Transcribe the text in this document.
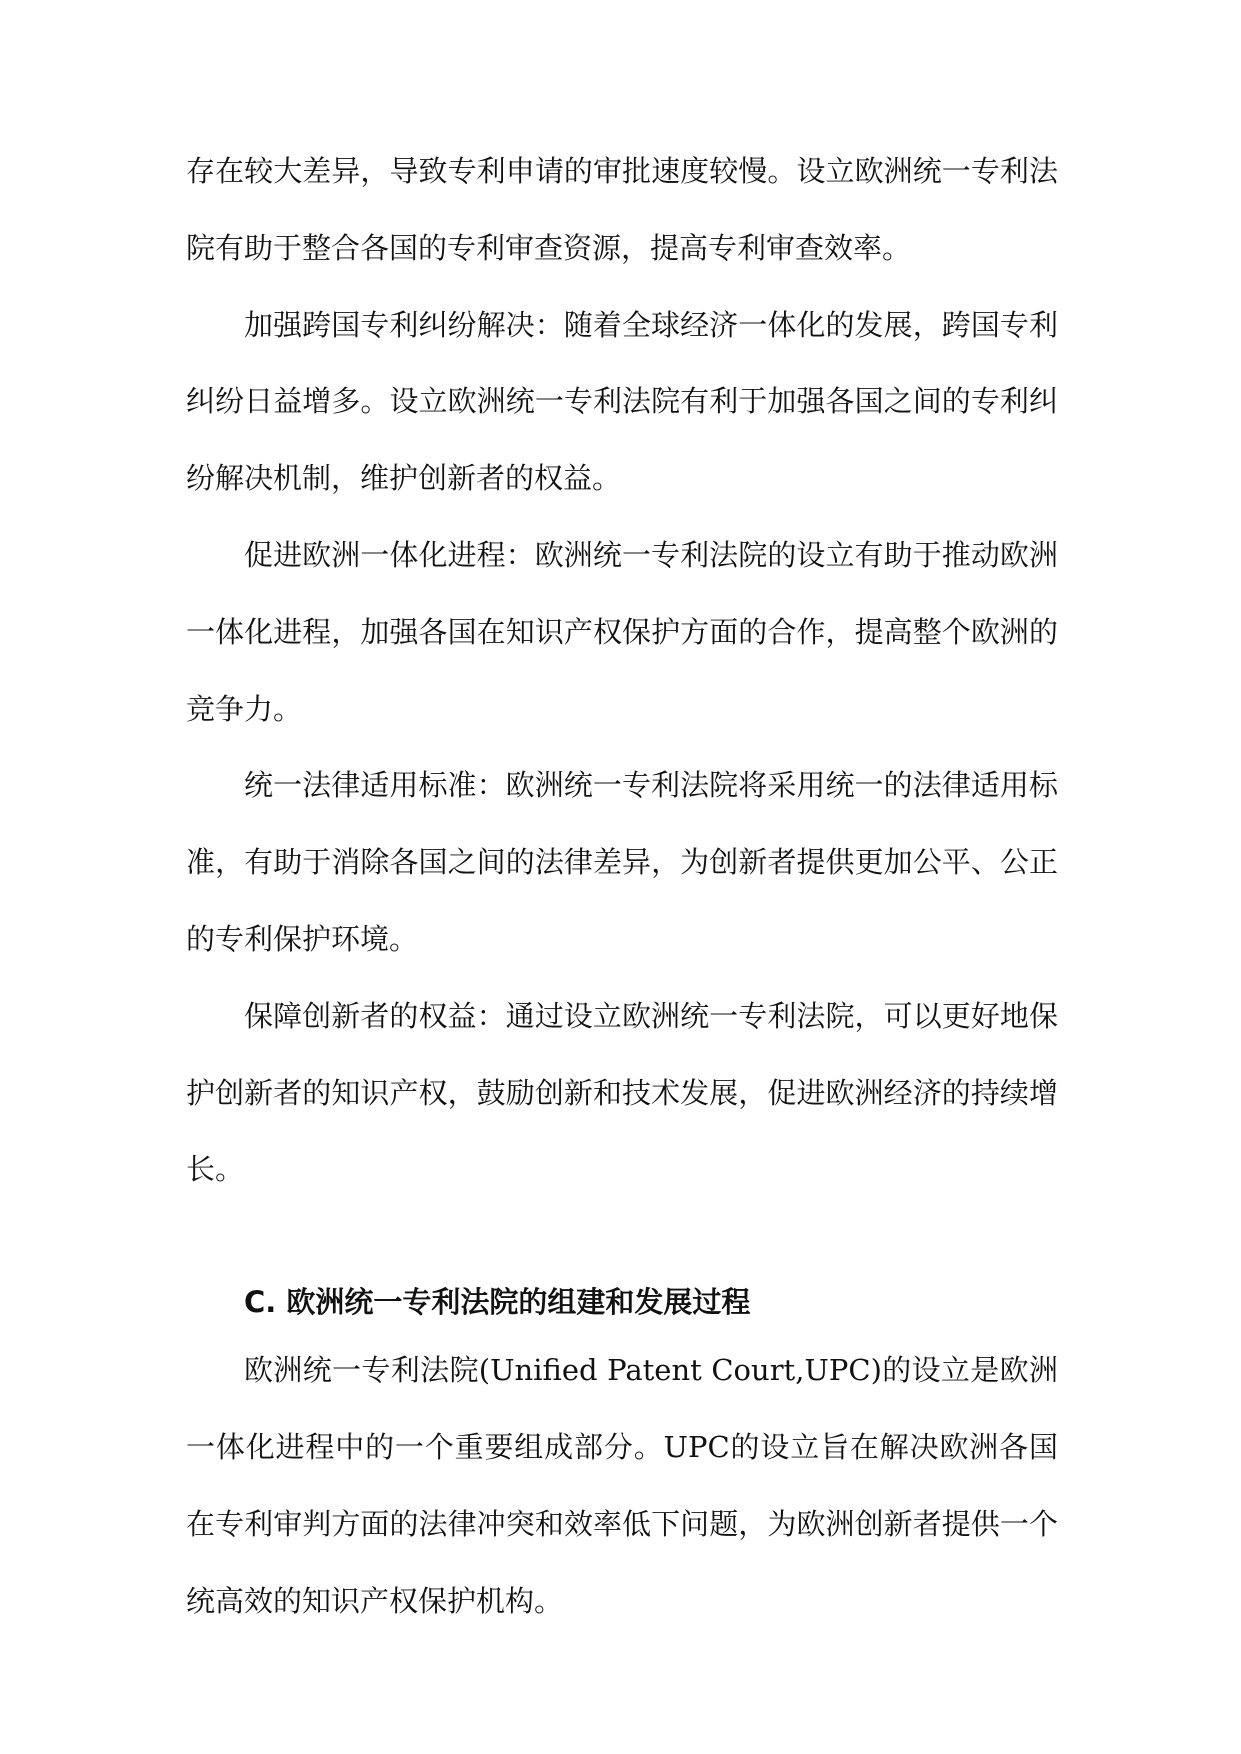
存在较大差异，导致专利申请的审批速度较慢。设立欧洲统一专利法院有助于整合各国的专利审查资源，提高专利审查效率。

加强跨国专利纠纷解决：随着全球经济一体化的发展，跨国专利纠纷日益增多。设立欧洲统一专利法院有利于加强各国之间的专利纠纷解决机制，维护创新者的权益。

促进欧洲一体化进程：欧洲统一专利法院的设立有助于推动欧洲一体化进程，加强各国在知识产权保护方面的合作，提高整个欧洲的竞争力。

统一法律适用标准：欧洲统一专利法院将采用统一的法律适用标准，有助于消除各国之间的法律差异，为创新者提供更加公平、公正的专利保护环境。

保障创新者的权益：通过设立欧洲统一专利法院，可以更好地保护创新者的知识产权，鼓励创新和技术发展，促进欧洲经济的持续增长。

C. 欧洲统一专利法院的组建和发展过程

欧洲统一专利法院(Unified Patent Court,UPC)的设立是欧洲一体化进程中的一个重要组成部分。UPC的设立旨在解决欧洲各国在专利审判方面的法律冲突和效率低下问题，为欧洲创新者提供一个统高效的知识产权保护机构。
